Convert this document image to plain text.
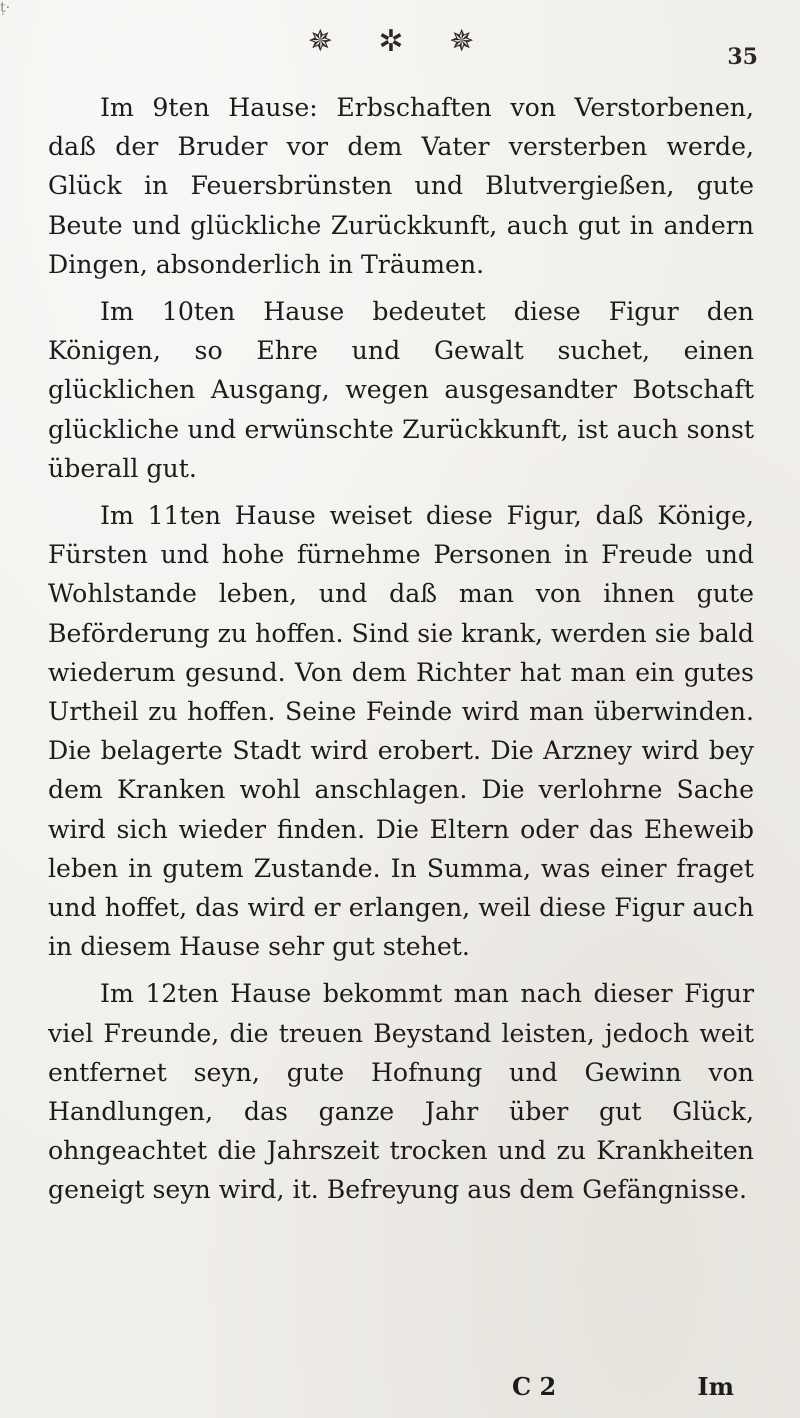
ț·
✵ ✲ ✵	35

Im 9ten Hause: Erbschaften von Verstorbenen, daß der Bruder vor dem Vater versterben werde, Glück in Feuersbrünsten und Blutvergießen, gute Beute und glückliche Zurückkunft, auch gut in andern Dingen, absonderlich in Träumen.

Im 10ten Hause bedeutet diese Figur den Königen, so Ehre und Gewalt suchet, einen glücklichen Ausgang, wegen ausgesandter Botschaft glückliche und erwünschte Zurückkunft, ist auch sonst überall gut.

Im 11ten Hause weiset diese Figur, daß Könige, Fürsten und hohe fürnehme Personen in Freude und Wohlstande leben, und daß man von ihnen gute Beförderung zu hoffen. Sind sie krank, werden sie bald wiederum gesund. Von dem Richter hat man ein gutes Urtheil zu hoffen. Seine Feinde wird man überwinden. Die belagerte Stadt wird erobert. Die Arzney wird bey dem Kranken wohl anschlagen. Die verlohrne Sache wird sich wieder finden. Die Eltern oder das Eheweib leben in gutem Zustande. In Summa, was einer fraget und hoffet, das wird er erlangen, weil diese Figur auch in diesem Hause sehr gut stehet.

Im 12ten Hause bekommt man nach dieser Figur viel Freunde, die treuen Beystand leisten, jedoch weit entfernet seyn, gute Hofnung und Gewinn von Handlungen, das ganze Jahr über gut Glück, ohngeachtet die Jahrszeit trocken und zu Krankheiten geneigt seyn wird, it. Befreyung aus dem Gefängnisse.

C 2	Im
